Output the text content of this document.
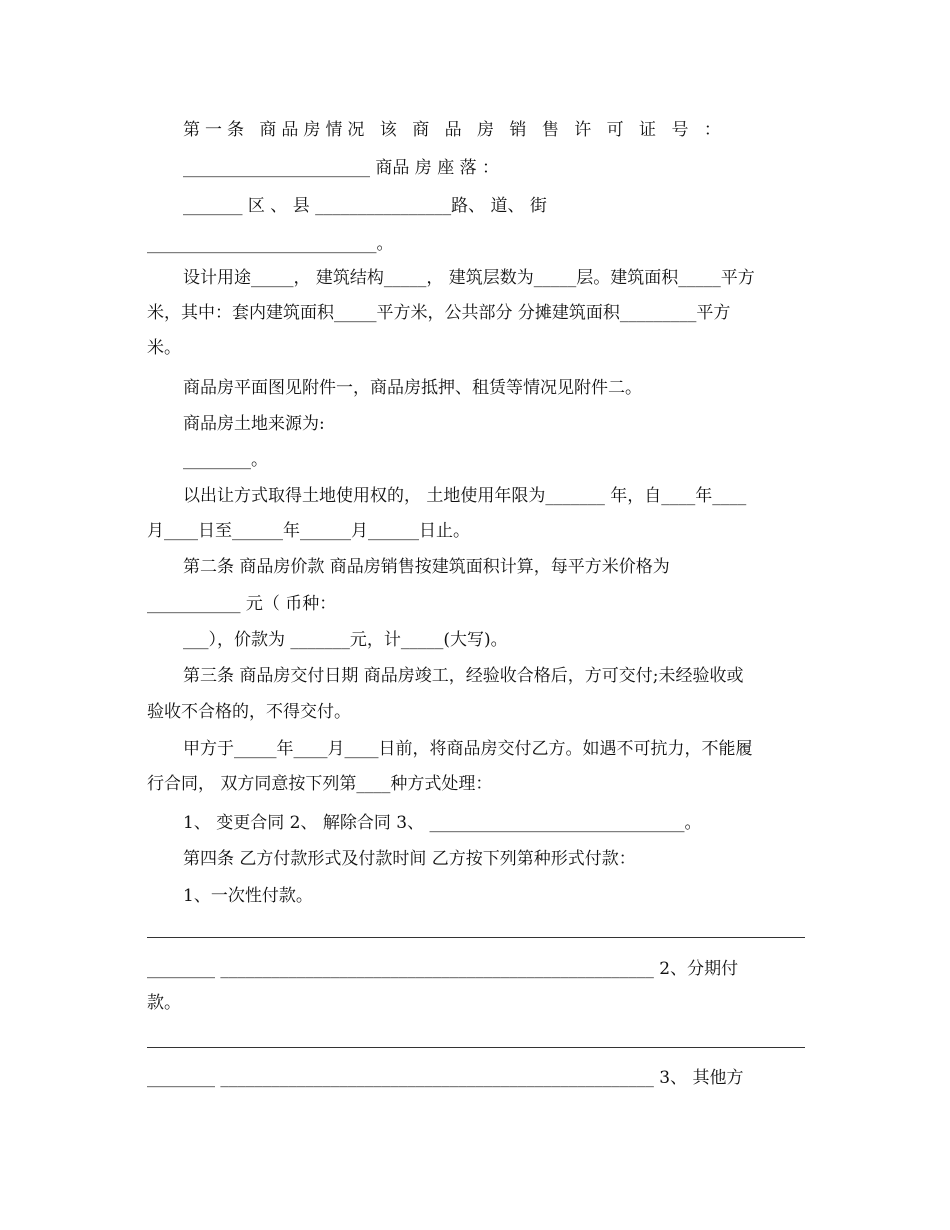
第一条 商品房情况 该 商 品 房 销 售 许 可 证 号 ：

______________________ 商品 房 座 落 ：

_______ 区 、 县 ________________路、 道、 街

___________________________。

设计用途_____， 建筑结构_____， 建筑层数为_____层。建筑面积_____平方

米，其中：套内建筑面积_____平方米，公共部分 分摊建筑面积_________平方

米。

商品房平面图见附件一，商品房抵押、租赁等情况见附件二。

商品房土地来源为:

________。

以出让方式取得土地使用权的， 土地使用年限为_______ 年，自____年____

月____日至______年______月______日止。

第二条 商品房价款 商品房销售按建筑面积计算，每平方米价格为

___________ 元（ 币种：

___），价款为 _______元，计_____(大写)。

第三条 商品房交付日期 商品房竣工，经验收合格后，方可交付;未经验收或

验收不合格的，不得交付。

甲方于_____年____月____日前，将商品房交付乙方。如遇不可抗力，不能履

行合同， 双方同意按下列第____种方式处理：

1、 变更合同 2、 解除合同 3、 ______________________________。

第四条 乙方付款形式及付款时间 乙方按下列第种形式付款：

1、一次性付款。

________ ___________________________________________________ 2、分期付

款。

________ ___________________________________________________ 3、 其他方
